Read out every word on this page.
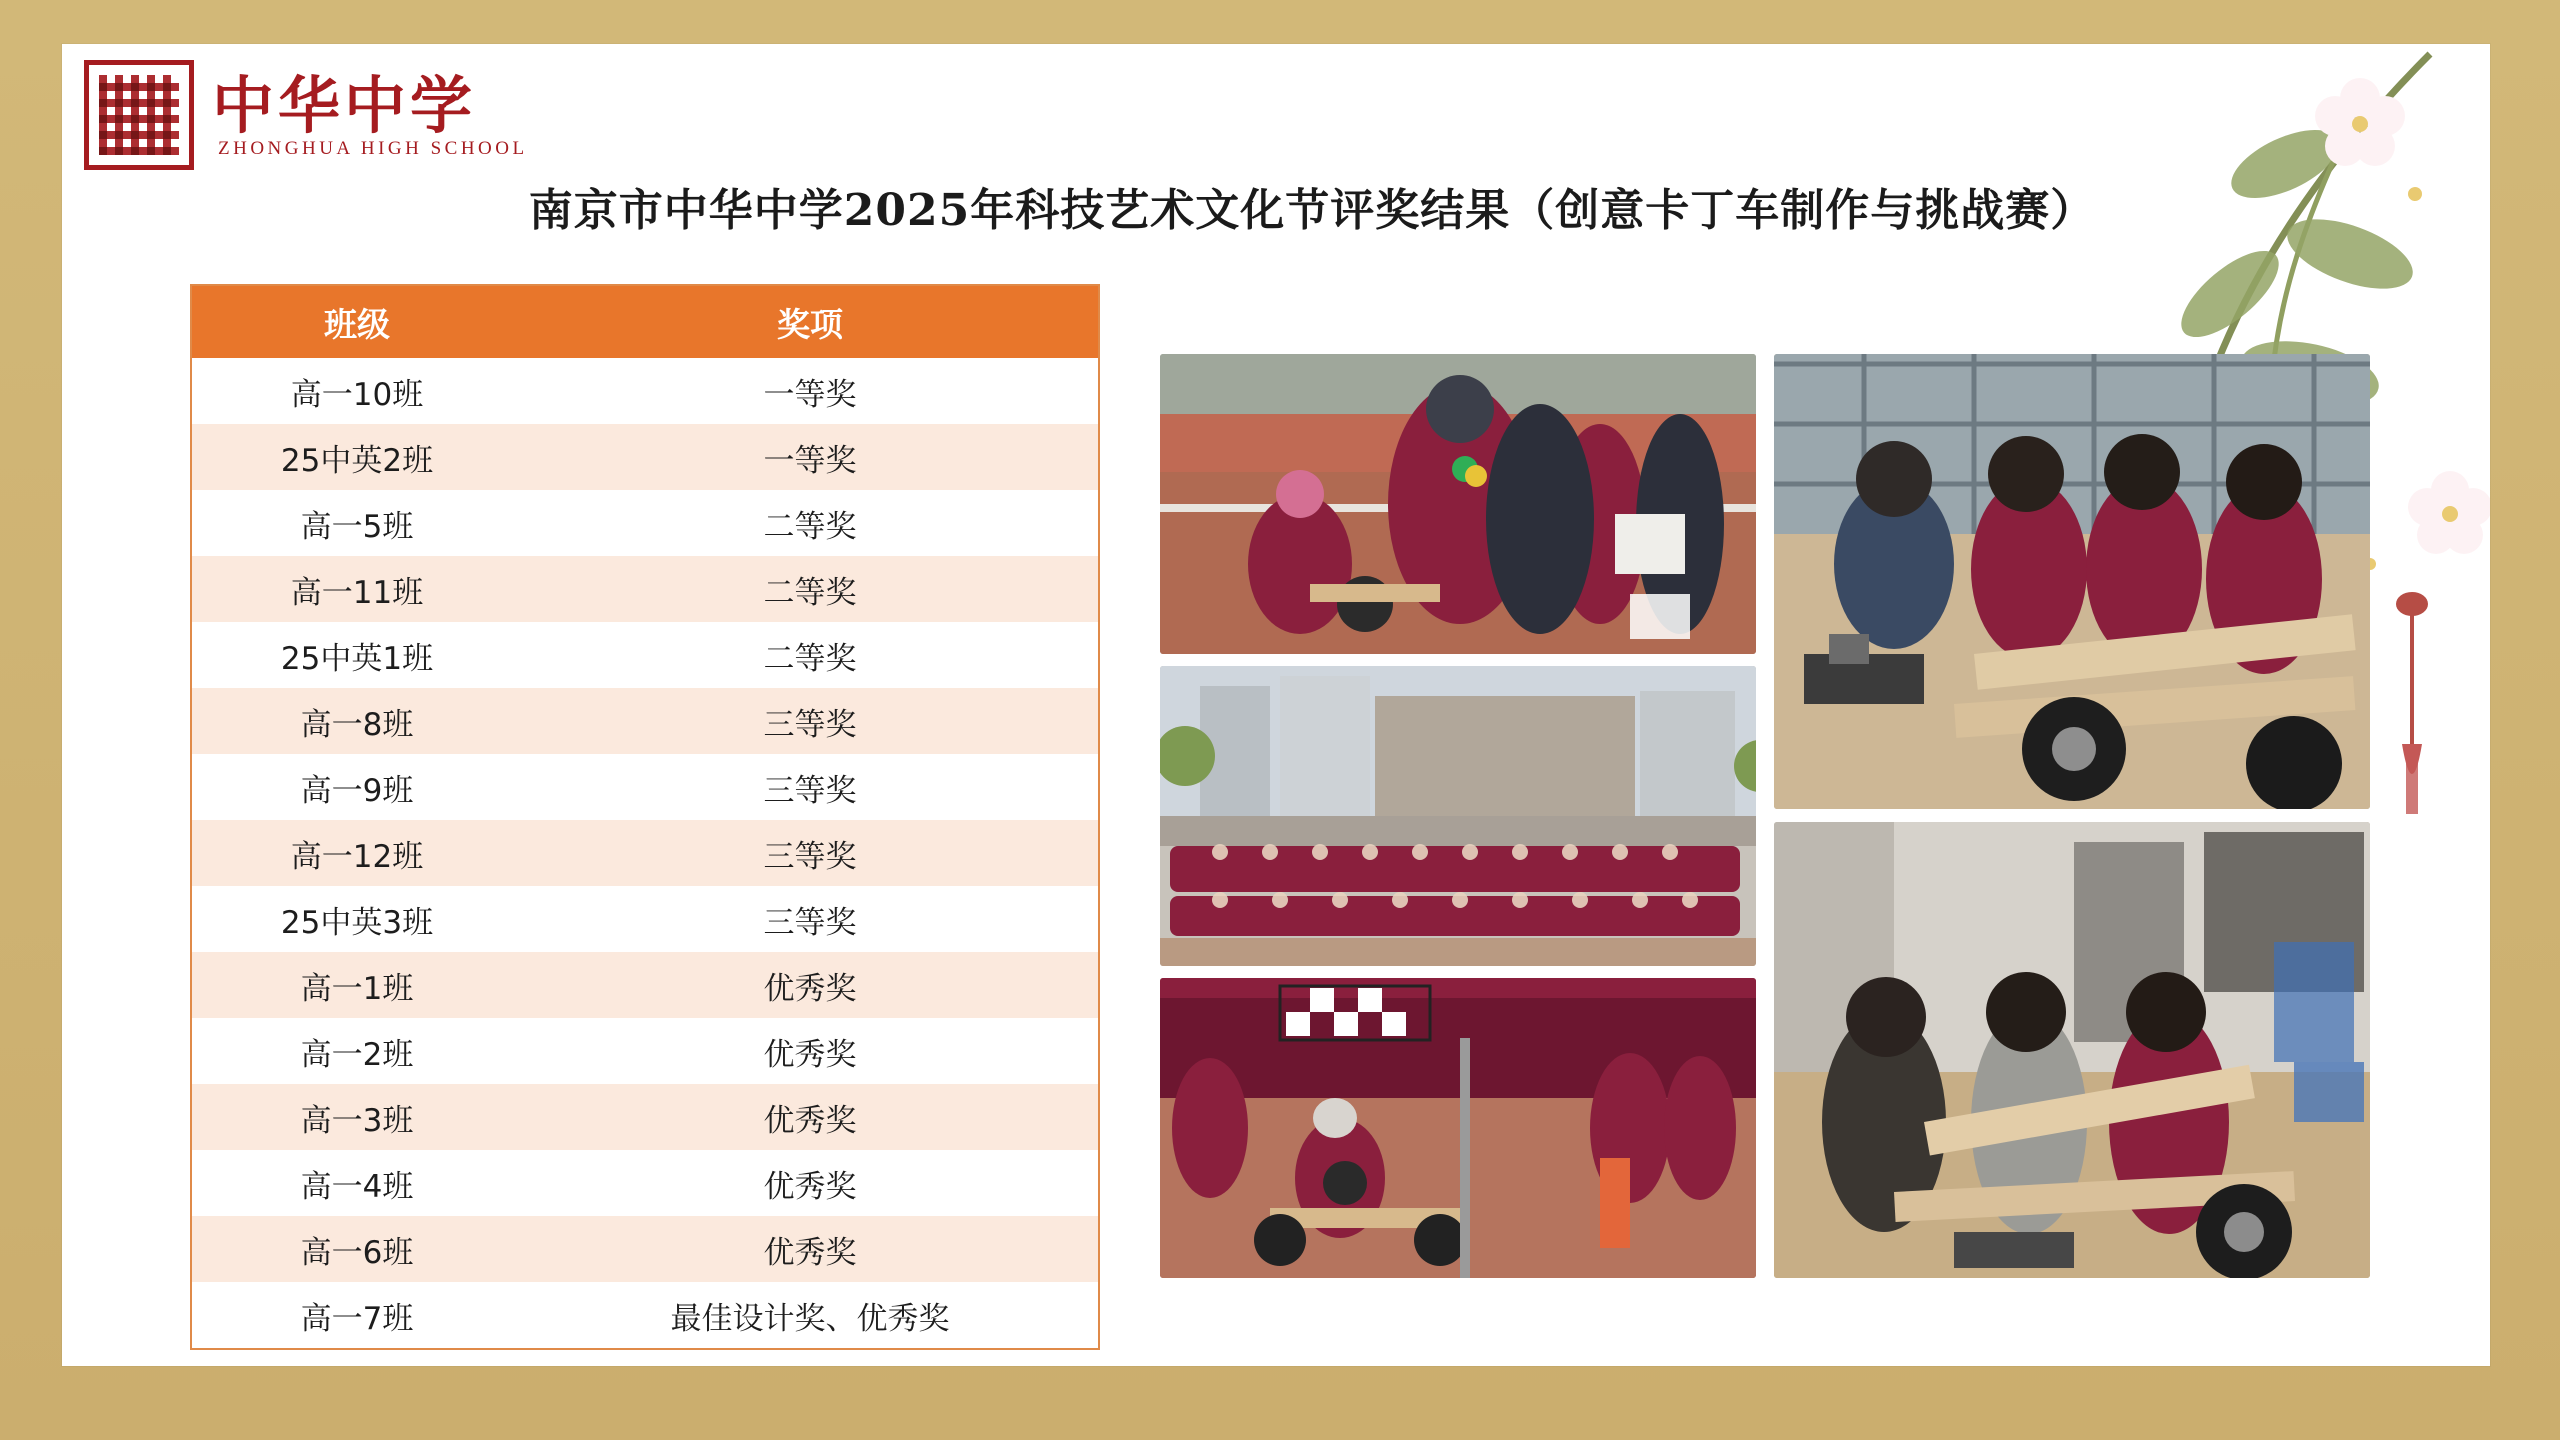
中华中学
ZHONGHUA HIGH SCHOOL
南京市中华中学2025年科技艺术文化节评奖结果（创意卡丁车制作与挑战赛）
班级	奖项
高一10班	一等奖
25中英2班	一等奖
高一5班	二等奖
高一11班	二等奖
25中英1班	二等奖
高一8班	三等奖
高一9班	三等奖
高一12班	三等奖
25中英3班	三等奖
高一1班	优秀奖
高一2班	优秀奖
高一3班	优秀奖
高一4班	优秀奖
高一6班	优秀奖
高一7班	最佳设计奖、优秀奖
